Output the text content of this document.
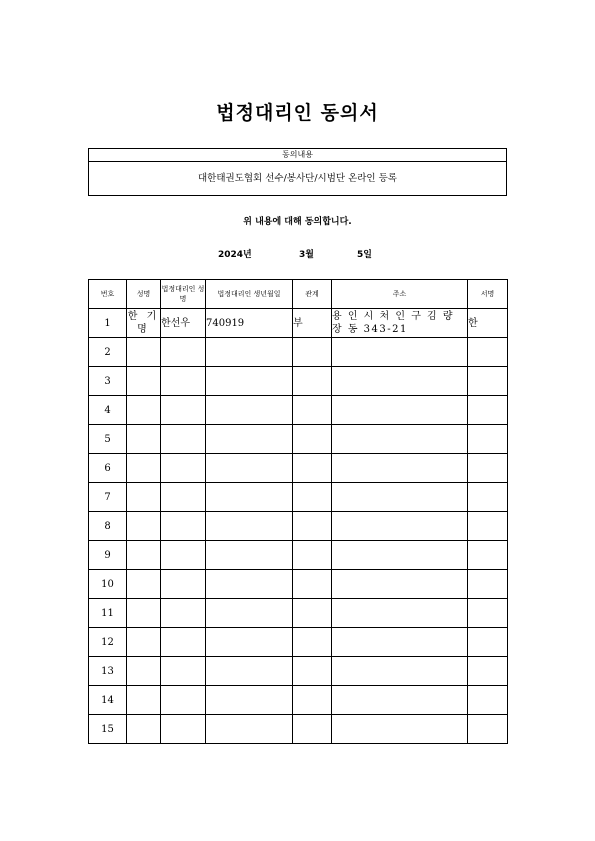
법정대리인 동의서
동의내용
대한태권도협회 선수/봉사단/시범단 온라인 등록
위 내용에 대해 동의합니다.
2024년	3월	5일
번호	성명	법정대리인 성명	법정대리인 생년월일	관계	주소	서명
1	한 기 명	한선우	740919	부	용 인 시 처 인 구 김 량 장 동 343-21	한
2						
3						
4						
5						
6						
7						
8						
9						
10						
11						
12						
13						
14						
15						
